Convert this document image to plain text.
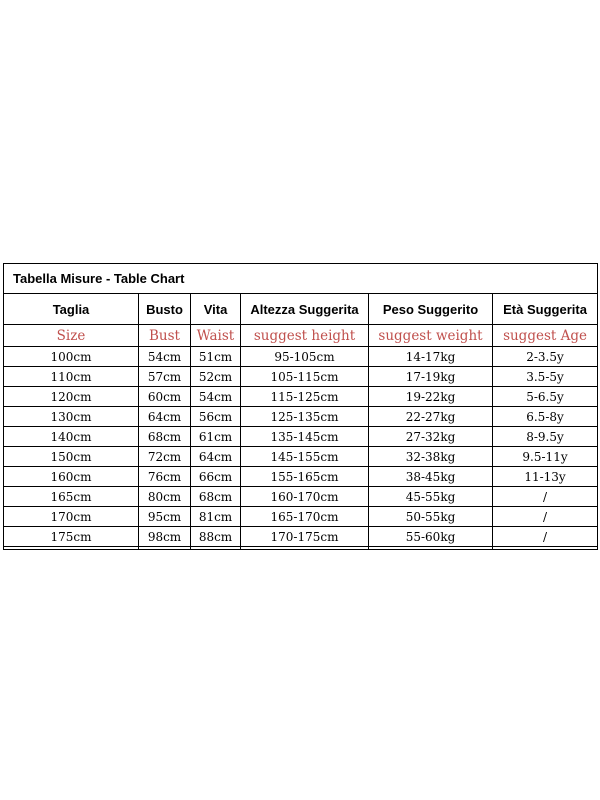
Tabella Misure - Table Chart					
Taglia	Busto	Vita	Altezza Suggerita	Peso Suggerito	Età Suggerita
Size	Bust	Waist	suggest height	suggest weight	suggest Age
100cm	54cm	51cm	95-105cm	14-17kg	2-3.5y
110cm	57cm	52cm	105-115cm	17-19kg	3.5-5y
120cm	60cm	54cm	115-125cm	19-22kg	5-6.5y
130cm	64cm	56cm	125-135cm	22-27kg	6.5-8y
140cm	68cm	61cm	135-145cm	27-32kg	8-9.5y
150cm	72cm	64cm	145-155cm	32-38kg	9.5-11y
160cm	76cm	66cm	155-165cm	38-45kg	11-13y
165cm	80cm	68cm	160-170cm	45-55kg	/
170cm	95cm	81cm	165-170cm	50-55kg	/
175cm	98cm	88cm	170-175cm	55-60kg	/
